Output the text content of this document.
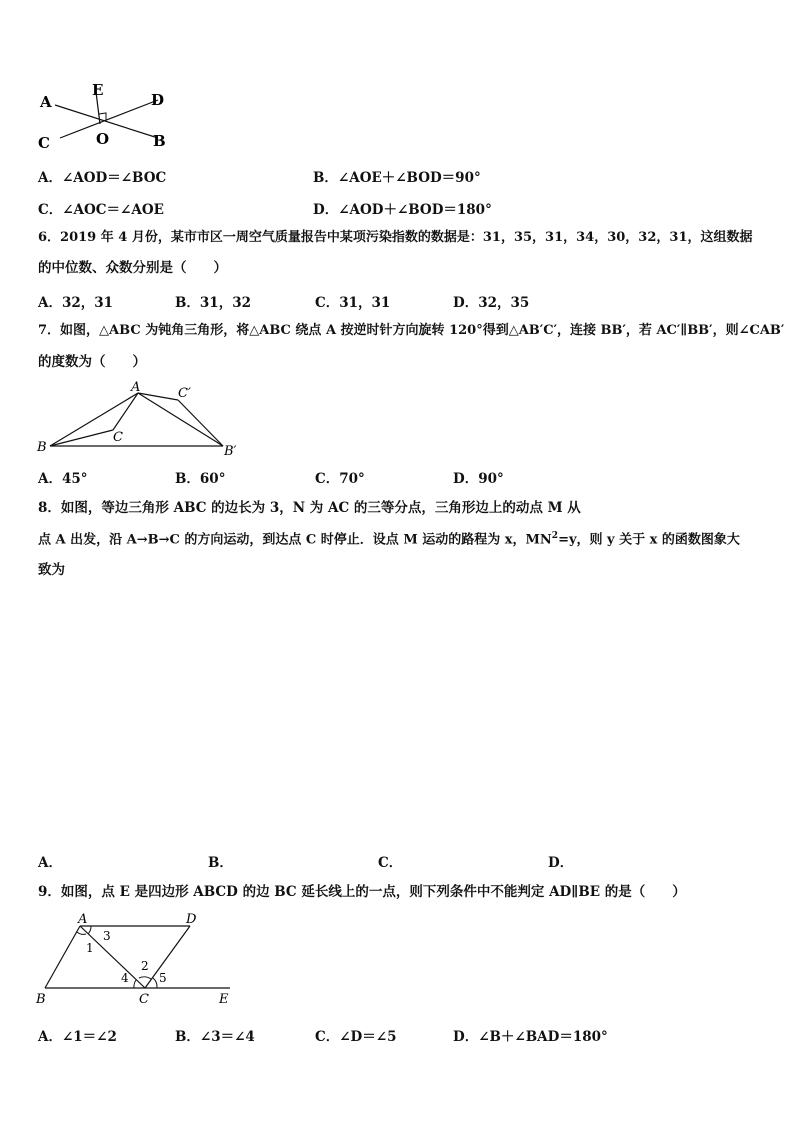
A
E
D
C	O	B
A．∠AOD＝∠BOC	B．∠AOE＋∠BOD＝90°
C．∠AOC＝∠AOE	D．∠AOD＋∠BOD＝180°
6．2019 年 4 月份，某市市区一周空气质量报告中某项污染指数的数据是：31，35，31，34，30，32，31，这组数据
的中位数、众数分别是（　　）
A．32，31	B．31，32	C．31，31	D．32，35
7．如图，△ABC 为钝角三角形，将△ABC 绕点 A 按逆时针方向旋转 120°得到△AB′C′，连接 BB′，若 AC′∥BB′，则∠CAB′
的度数为（　　）
A	C′
B
C
B′
A．45°	B．60°	C．70°	D．90°
8．如图，等边三角形 ABC 的边长为 3，N 为 AC 的三等分点，三角形边上的动点 M 从
点 A 出发，沿 A→B→C 的方向运动，到达点 C 时停止．设点 M 运动的路程为 x，$MN^2=y$，则 y 关于 x 的函数图象大
致为
A．	B．	C．	D．
9．如图，点 E 是四边形 ABCD 的边 BC 延长线上的一点，则下列条件中不能判定 AD∥BE 的是（　　）
A	D
1
3
2
4	5
B	C	E
A．∠1＝∠2	B．∠3＝∠4	C．∠D＝∠5	D．∠B＋∠BAD＝180°
